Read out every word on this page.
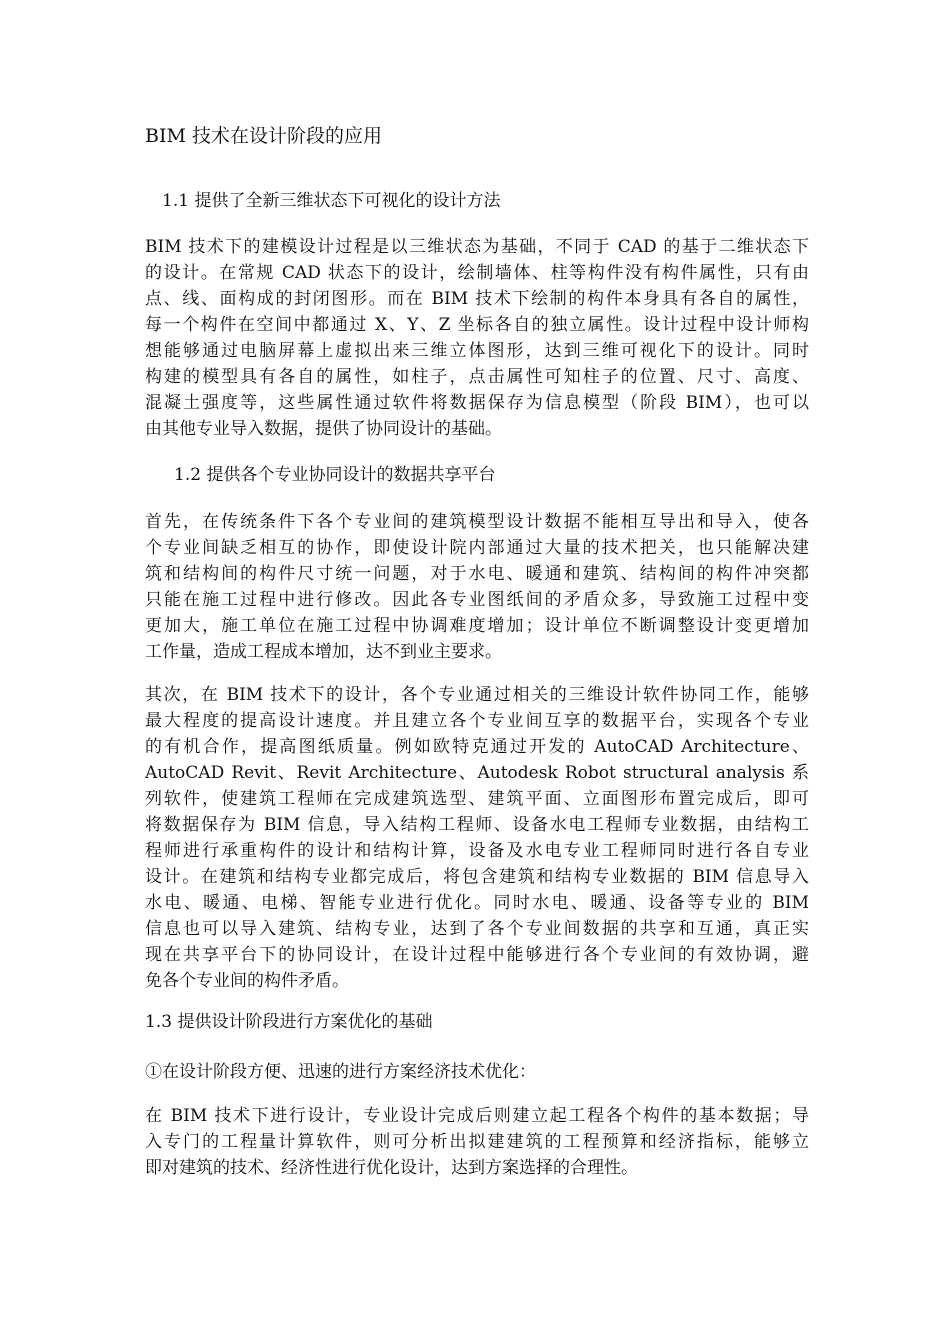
BIM 技术在设计阶段的应用
1.1 提供了全新三维状态下可视化的设计方法
BIM 技术下的建模设计过程是以三维状态为基础，不同于 CAD 的基于二维状态下
的设计。在常规 CAD 状态下的设计，绘制墙体、柱等构件没有构件属性，只有由
点、线、面构成的封闭图形。而在 BIM 技术下绘制的构件本身具有各自的属性，
每一个构件在空间中都通过 X、Y、Z 坐标各自的独立属性。设计过程中设计师构
想能够通过电脑屏幕上虚拟出来三维立体图形，达到三维可视化下的设计。同时
构建的模型具有各自的属性，如柱子，点击属性可知柱子的位置、尺寸、高度、
混凝土强度等，这些属性通过软件将数据保存为信息模型（阶段 BIM），也可以
由其他专业导入数据，提供了协同设计的基础。
1.2 提供各个专业协同设计的数据共享平台
首先，在传统条件下各个专业间的建筑模型设计数据不能相互导出和导入，使各
个专业间缺乏相互的协作，即使设计院内部通过大量的技术把关，也只能解决建
筑和结构间的构件尺寸统一问题，对于水电、暖通和建筑、结构间的构件冲突都
只能在施工过程中进行修改。因此各专业图纸间的矛盾众多，导致施工过程中变
更加大，施工单位在施工过程中协调难度增加；设计单位不断调整设计变更增加
工作量，造成工程成本增加，达不到业主要求。
其次，在 BIM 技术下的设计，各个专业通过相关的三维设计软件协同工作，能够
最大程度的提高设计速度。并且建立各个专业间互享的数据平台，实现各个专业
的有机合作，提高图纸质量。例如欧特克通过开发的 AutoCAD Architecture、
AutoCAD Revit、Revit Architecture、Autodesk Robot structural analysis 系
列软件，使建筑工程师在完成建筑选型、建筑平面、立面图形布置完成后，即可
将数据保存为 BIM 信息，导入结构工程师、设备水电工程师专业数据，由结构工
程师进行承重构件的设计和结构计算，设备及水电专业工程师同时进行各自专业
设计。在建筑和结构专业都完成后，将包含建筑和结构专业数据的 BIM 信息导入
水电、暖通、电梯、智能专业进行优化。同时水电、暖通、设备等专业的 BIM
信息也可以导入建筑、结构专业，达到了各个专业间数据的共享和互通，真正实
现在共享平台下的协同设计，在设计过程中能够进行各个专业间的有效协调，避
免各个专业间的构件矛盾。
1.3 提供设计阶段进行方案优化的基础
①在设计阶段方便、迅速的进行方案经济技术优化：
在 BIM 技术下进行设计，专业设计完成后则建立起工程各个构件的基本数据；导
入专门的工程量计算软件，则可分析出拟建建筑的工程预算和经济指标，能够立
即对建筑的技术、经济性进行优化设计，达到方案选择的合理性。
